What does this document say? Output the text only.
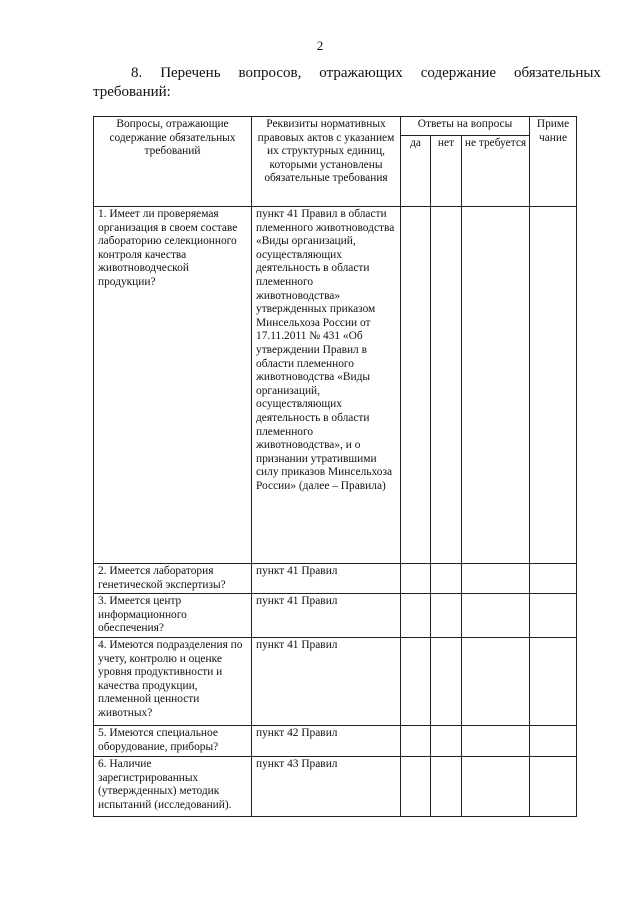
2
8. Перечень вопросов, отражающих содержание обязательных
требований:
Вопросы, отражающие содержание обязательных требований	Реквизиты нормативных правовых актов с указанием их структурных единиц, которыми установлены обязательные требования	Ответы на вопросы			Приме чание
		да	нет	не требуется	
1. Имеет ли проверяемая организация в своем составе лабораторию селекционного контроля качества животноводческой продукции?	пункт 41 Правил в области племенного животноводства «Виды организаций, осуществляющих деятельность в области племенного животноводства» утвержденных приказом Минсельхоза России от 17.11.2011 № 431 «Об утверждении Правил в области племенного животноводства «Виды организаций, осуществляющих деятельность в области племенного животноводства», и о признании утратившими силу приказов Минсельхоза России» (далее – Правила)				
2. Имеется лаборатория генетической экспертизы?	пункт 41 Правил				
3. Имеется центр информационного обеспечения?	пункт 41 Правил				
4. Имеются подразделения по учету, контролю и оценке уровня продуктивности и качества продукции, племенной ценности животных?	пункт 41 Правил				
5. Имеются специальное оборудование, приборы?	пункт 42 Правил				
6. Наличие зарегистрированных (утвержденных) методик испытаний (исследований).	пункт 43 Правил				
